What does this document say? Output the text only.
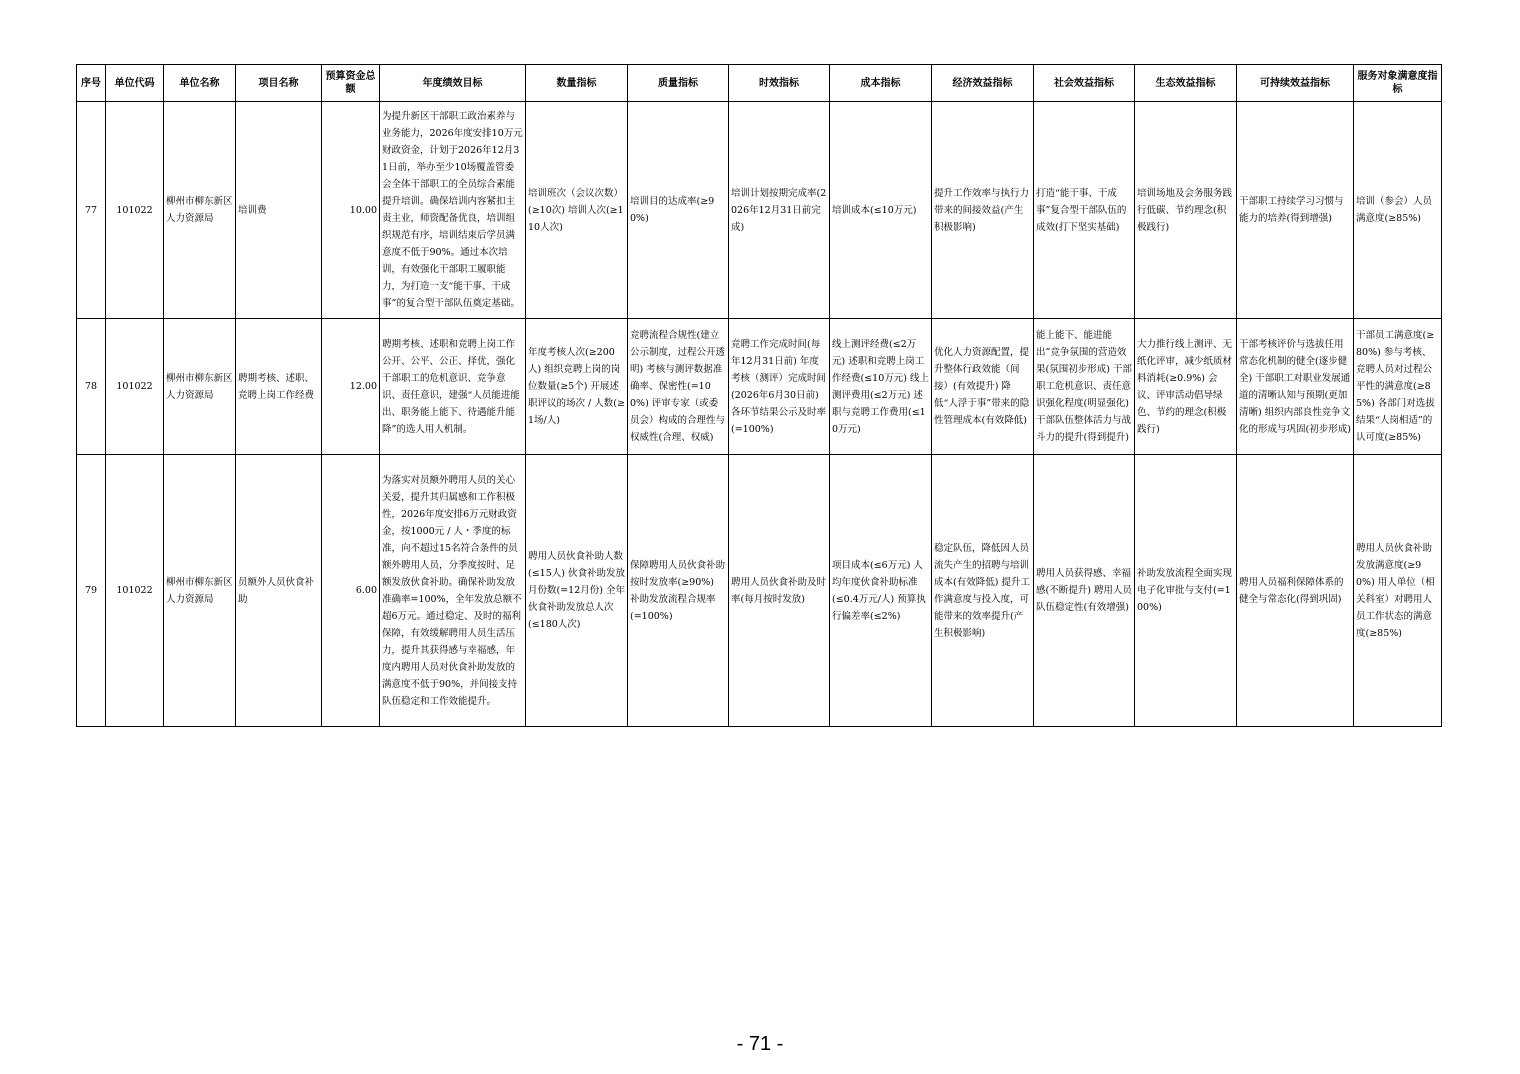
序号	单位代码	单位名称	项目名称	预算资金总额	年度绩效目标	数量指标	质量指标	时效指标	成本指标	经济效益指标	社会效益指标	生态效益指标	可持续效益指标	服务对象满意度指标
77	101022	柳州市柳东新区人力资源局	培训费	10.00	为提升新区干部职工政治素养与业务能力，2026年度安排10万元财政资金，计划于2026年12月31日前，举办至少10场覆盖管委会全体干部职工的全员综合素能提升培训。确保培训内容紧扣主责主业，师资配备优良，培训组织规范有序，培训结束后学员满意度不低于90%。通过本次培训，有效强化干部职工履职能力，为打造一支“能干事、干成事”的复合型干部队伍奠定基础。	培训班次（会议次数）(≥10次) 培训人次(≥110人次)	培训目的达成率(≥90%)	培训计划按期完成率(2026年12月31日前完成)	培训成本(≤10万元)	提升工作效率与执行力带来的间接效益(产生积极影响)	打造“能干事、干成事”复合型干部队伍的成效(打下坚实基础)	培训场地及会务服务践行低碳、节约理念(积极践行)	干部职工持续学习习惯与能力的培养(得到增强)	培训（参会）人员满意度(≥85%)
78	101022	柳州市柳东新区人力资源局	聘期考核、述职、竞聘上岗工作经费	12.00	聘期考核、述职和竞聘上岗工作公开、公平、公正、择优，强化干部职工的危机意识、竞争意识、责任意识，建强“人员能进能出、职务能上能下、待遇能升能降”的选人用人机制。	年度考核人次(≥200人) 组织竞聘上岗的岗位数量(≥5个) 开展述职评议的场次 / 人数(≥1场/人)	竞聘流程合规性(建立公示制度，过程公开透明) 考核与测评数据准确率、保密性(=100%) 评审专家（或委员会）构成的合理性与权威性(合理、权威)	竞聘工作完成时间(每年12月31日前) 年度考核（测评）完成时间(2026年6月30日前) 各环节结果公示及时率(=100%)	线上测评经费(≤2万元) 述职和竞聘上岗工作经费(≤10万元) 线上测评费用(≤2万元) 述职与竞聘工作费用(≤10万元)	优化人力资源配置，提升整体行政效能（间接）(有效提升) 降低“人浮于事”带来的隐性管理成本(有效降低)	能上能下、能进能出”竞争氛围的营造效果(氛围初步形成) 干部职工危机意识、责任意识强化程度(明显强化) 干部队伍整体活力与战斗力的提升(得到提升)	大力推行线上测评、无纸化评审，减少纸质材料消耗(≥0.9%) 会议、评审活动倡导绿色、节约的理念(积极践行)	干部考核评价与选拔任用常态化机制的健全(逐步健全) 干部职工对职业发展通道的清晰认知与预期(更加清晰) 组织内部良性竞争文化的形成与巩固(初步形成)	干部员工满意度(≥80%) 参与考核、竞聘人员对过程公平性的满意度(≥85%) 各部门对选拔结果“人岗相适”的认可度(≥85%)
79	101022	柳州市柳东新区人力资源局	员额外人员伙食补助	6.00	为落实对员额外聘用人员的关心关爱，提升其归属感和工作积极性，2026年度安排6万元财政资金，按1000元 / 人・季度的标准，向不超过15名符合条件的员额外聘用人员，分季度按时、足额发放伙食补助。确保补助发放准确率=100%，全年发放总额不超6万元。通过稳定、及时的福利保障，有效缓解聘用人员生活压力，提升其获得感与幸福感，年度内聘用人员对伙食补助发放的满意度不低于90%，并间接支持队伍稳定和工作效能提升。	聘用人员伙食补助人数(≤15人) 伙食补助发放月份数(=12月份) 全年伙食补助发放总人次(≤180人次)	保障聘用人员伙食补助按时发放率(≥90%) 补助发放流程合规率(=100%)	聘用人员伙食补助及时率(每月按时发放)	项目成本(≤6万元) 人均年度伙食补助标准(≤0.4万元/人) 预算执行偏差率(≤2%)	稳定队伍，降低因人员流失产生的招聘与培训成本(有效降低) 提升工作满意度与投入度，可能带来的效率提升(产生积极影响)	聘用人员获得感、幸福感(不断提升) 聘用人员队伍稳定性(有效增强)	补助发放流程全面实现电子化审批与支付(=100%)	聘用人员福利保障体系的健全与常态化(得到巩固)	聘用人员伙食补助发放满意度(≥90%) 用人单位（相关科室）对聘用人员工作状态的满意度(≥85%)
- 71 -
